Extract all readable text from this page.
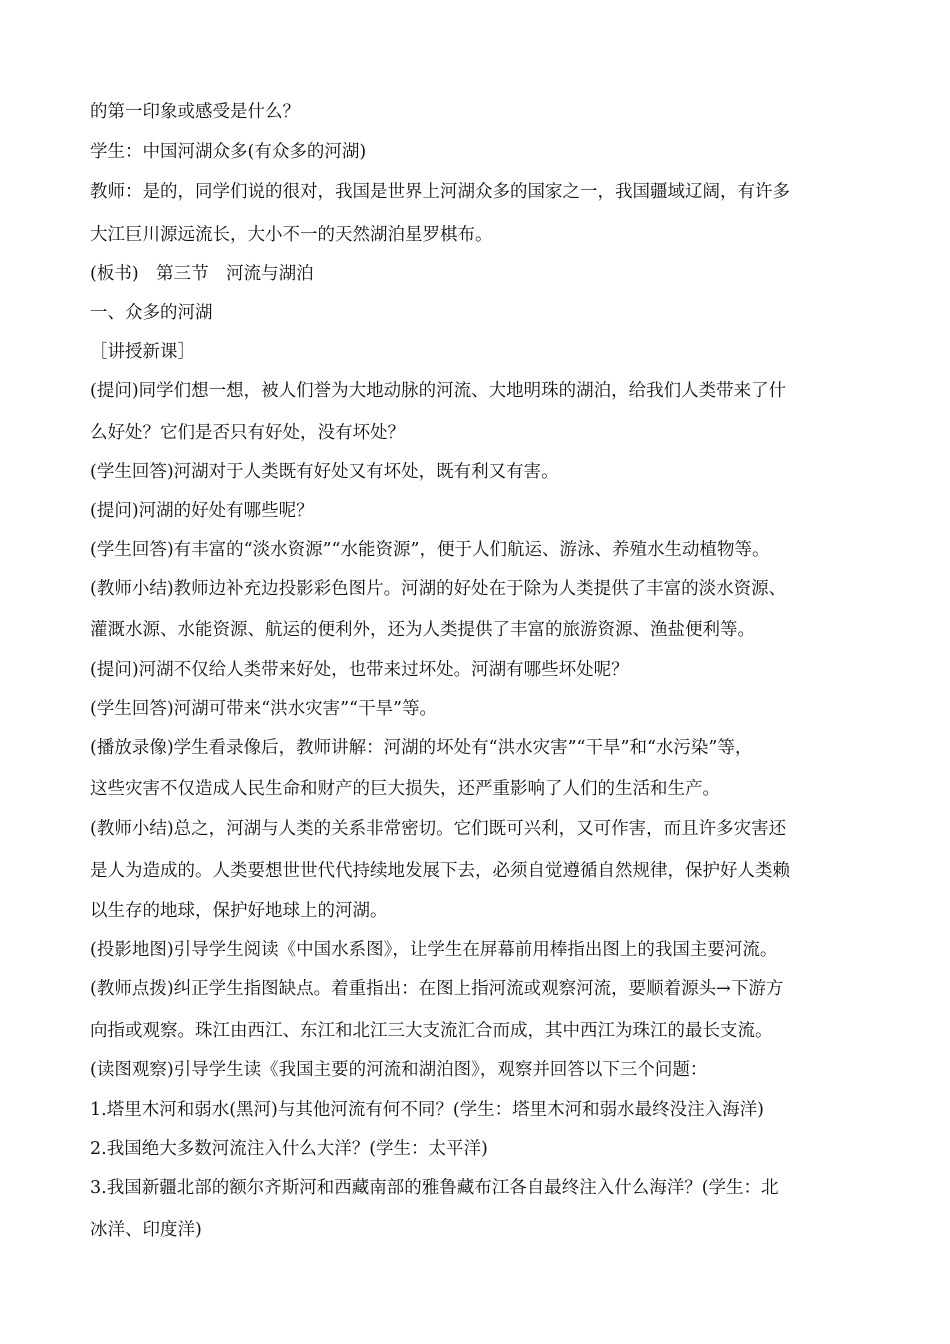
的第一印象或感受是什么？
学生：中国河湖众多(有众多的河湖)
教师：是的，同学们说的很对，我国是世界上河湖众多的国家之一，我国疆域辽阔，有许多
大江巨川源远流长，大小不一的天然湖泊星罗棋布。
(板书)　第三节　河流与湖泊
一、众多的河湖
［讲授新课］
(提问)同学们想一想，被人们誉为大地动脉的河流、大地明珠的湖泊，给我们人类带来了什
么好处？它们是否只有好处，没有坏处？
(学生回答)河湖对于人类既有好处又有坏处，既有利又有害。
(提问)河湖的好处有哪些呢？
(学生回答)有丰富的“淡水资源”“水能资源”，便于人们航运、游泳、养殖水生动植物等。
(教师小结)教师边补充边投影彩色图片。河湖的好处在于除为人类提供了丰富的淡水资源、
灌溉水源、水能资源、航运的便利外，还为人类提供了丰富的旅游资源、渔盐便利等。
(提问)河湖不仅给人类带来好处，也带来过坏处。河湖有哪些坏处呢？
(学生回答)河湖可带来“洪水灾害”“干旱”等。
(播放录像)学生看录像后，教师讲解：河湖的坏处有“洪水灾害”“干旱”和“水污染”等，
这些灾害不仅造成人民生命和财产的巨大损失，还严重影响了人们的生活和生产。
(教师小结)总之，河湖与人类的关系非常密切。它们既可兴利，又可作害，而且许多灾害还
是人为造成的。人类要想世世代代持续地发展下去，必须自觉遵循自然规律，保护好人类赖
以生存的地球，保护好地球上的河湖。
(投影地图)引导学生阅读《中国水系图》，让学生在屏幕前用棒指出图上的我国主要河流。
(教师点拨)纠正学生指图缺点。着重指出：在图上指河流或观察河流，要顺着源头→下游方
向指或观察。珠江由西江、东江和北江三大支流汇合而成，其中西江为珠江的最长支流。
(读图观察)引导学生读《我国主要的河流和湖泊图》，观察并回答以下三个问题：
1.塔里木河和弱水(黑河)与其他河流有何不同？(学生：塔里木河和弱水最终没注入海洋)
2.我国绝大多数河流注入什么大洋？(学生：太平洋)
3.我国新疆北部的额尔齐斯河和西藏南部的雅鲁藏布江各自最终注入什么海洋？(学生：北
冰洋、印度洋)
